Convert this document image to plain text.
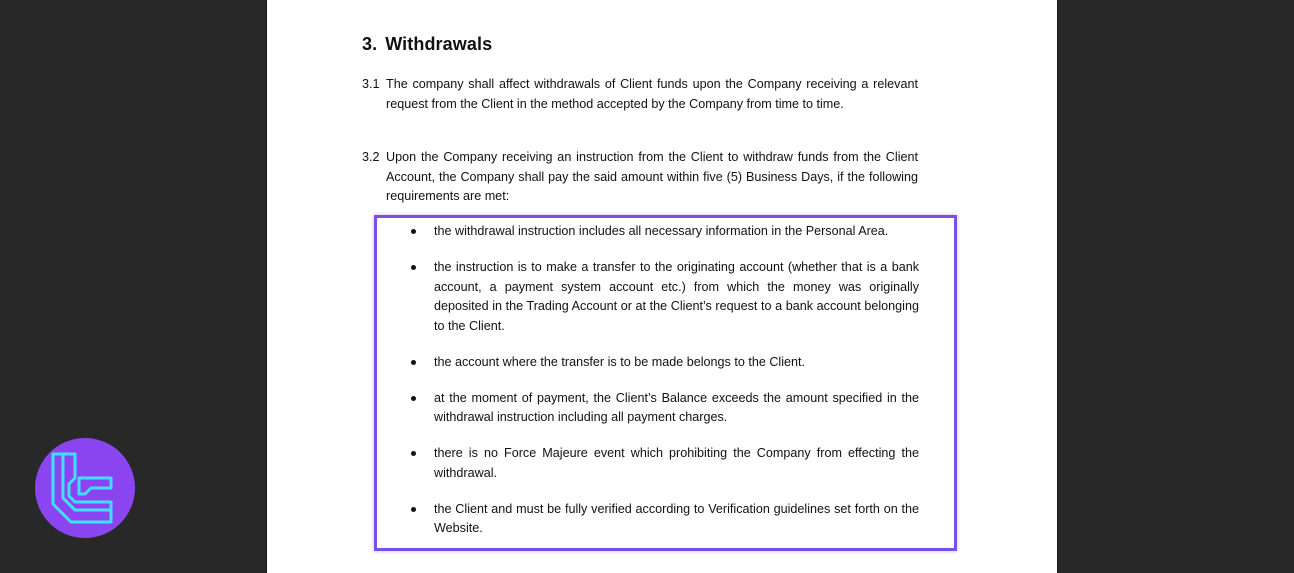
3. Withdrawals
3.1 The company shall affect withdrawals of Client funds upon the Company receiving a relevant request from the Client in the method accepted by the Company from time to time.
3.2 Upon the Company receiving an instruction from the Client to withdraw funds from the Client Account, the Company shall pay the said amount within five (5) Business Days, if the following requirements are met:
the withdrawal instruction includes all necessary information in the Personal Area.
the instruction is to make a transfer to the originating account (whether that is a bank account, a payment system account etc.) from which the money was originally deposited in the Trading Account or at the Client’s request to a bank account belonging to the Client.
the account where the transfer is to be made belongs to the Client.
at the moment of payment, the Client’s Balance exceeds the amount specified in the withdrawal instruction including all payment charges.
there is no Force Majeure event which prohibiting the Company from effecting the withdrawal.
the Client and must be fully verified according to Verification guidelines set forth on the Website.
